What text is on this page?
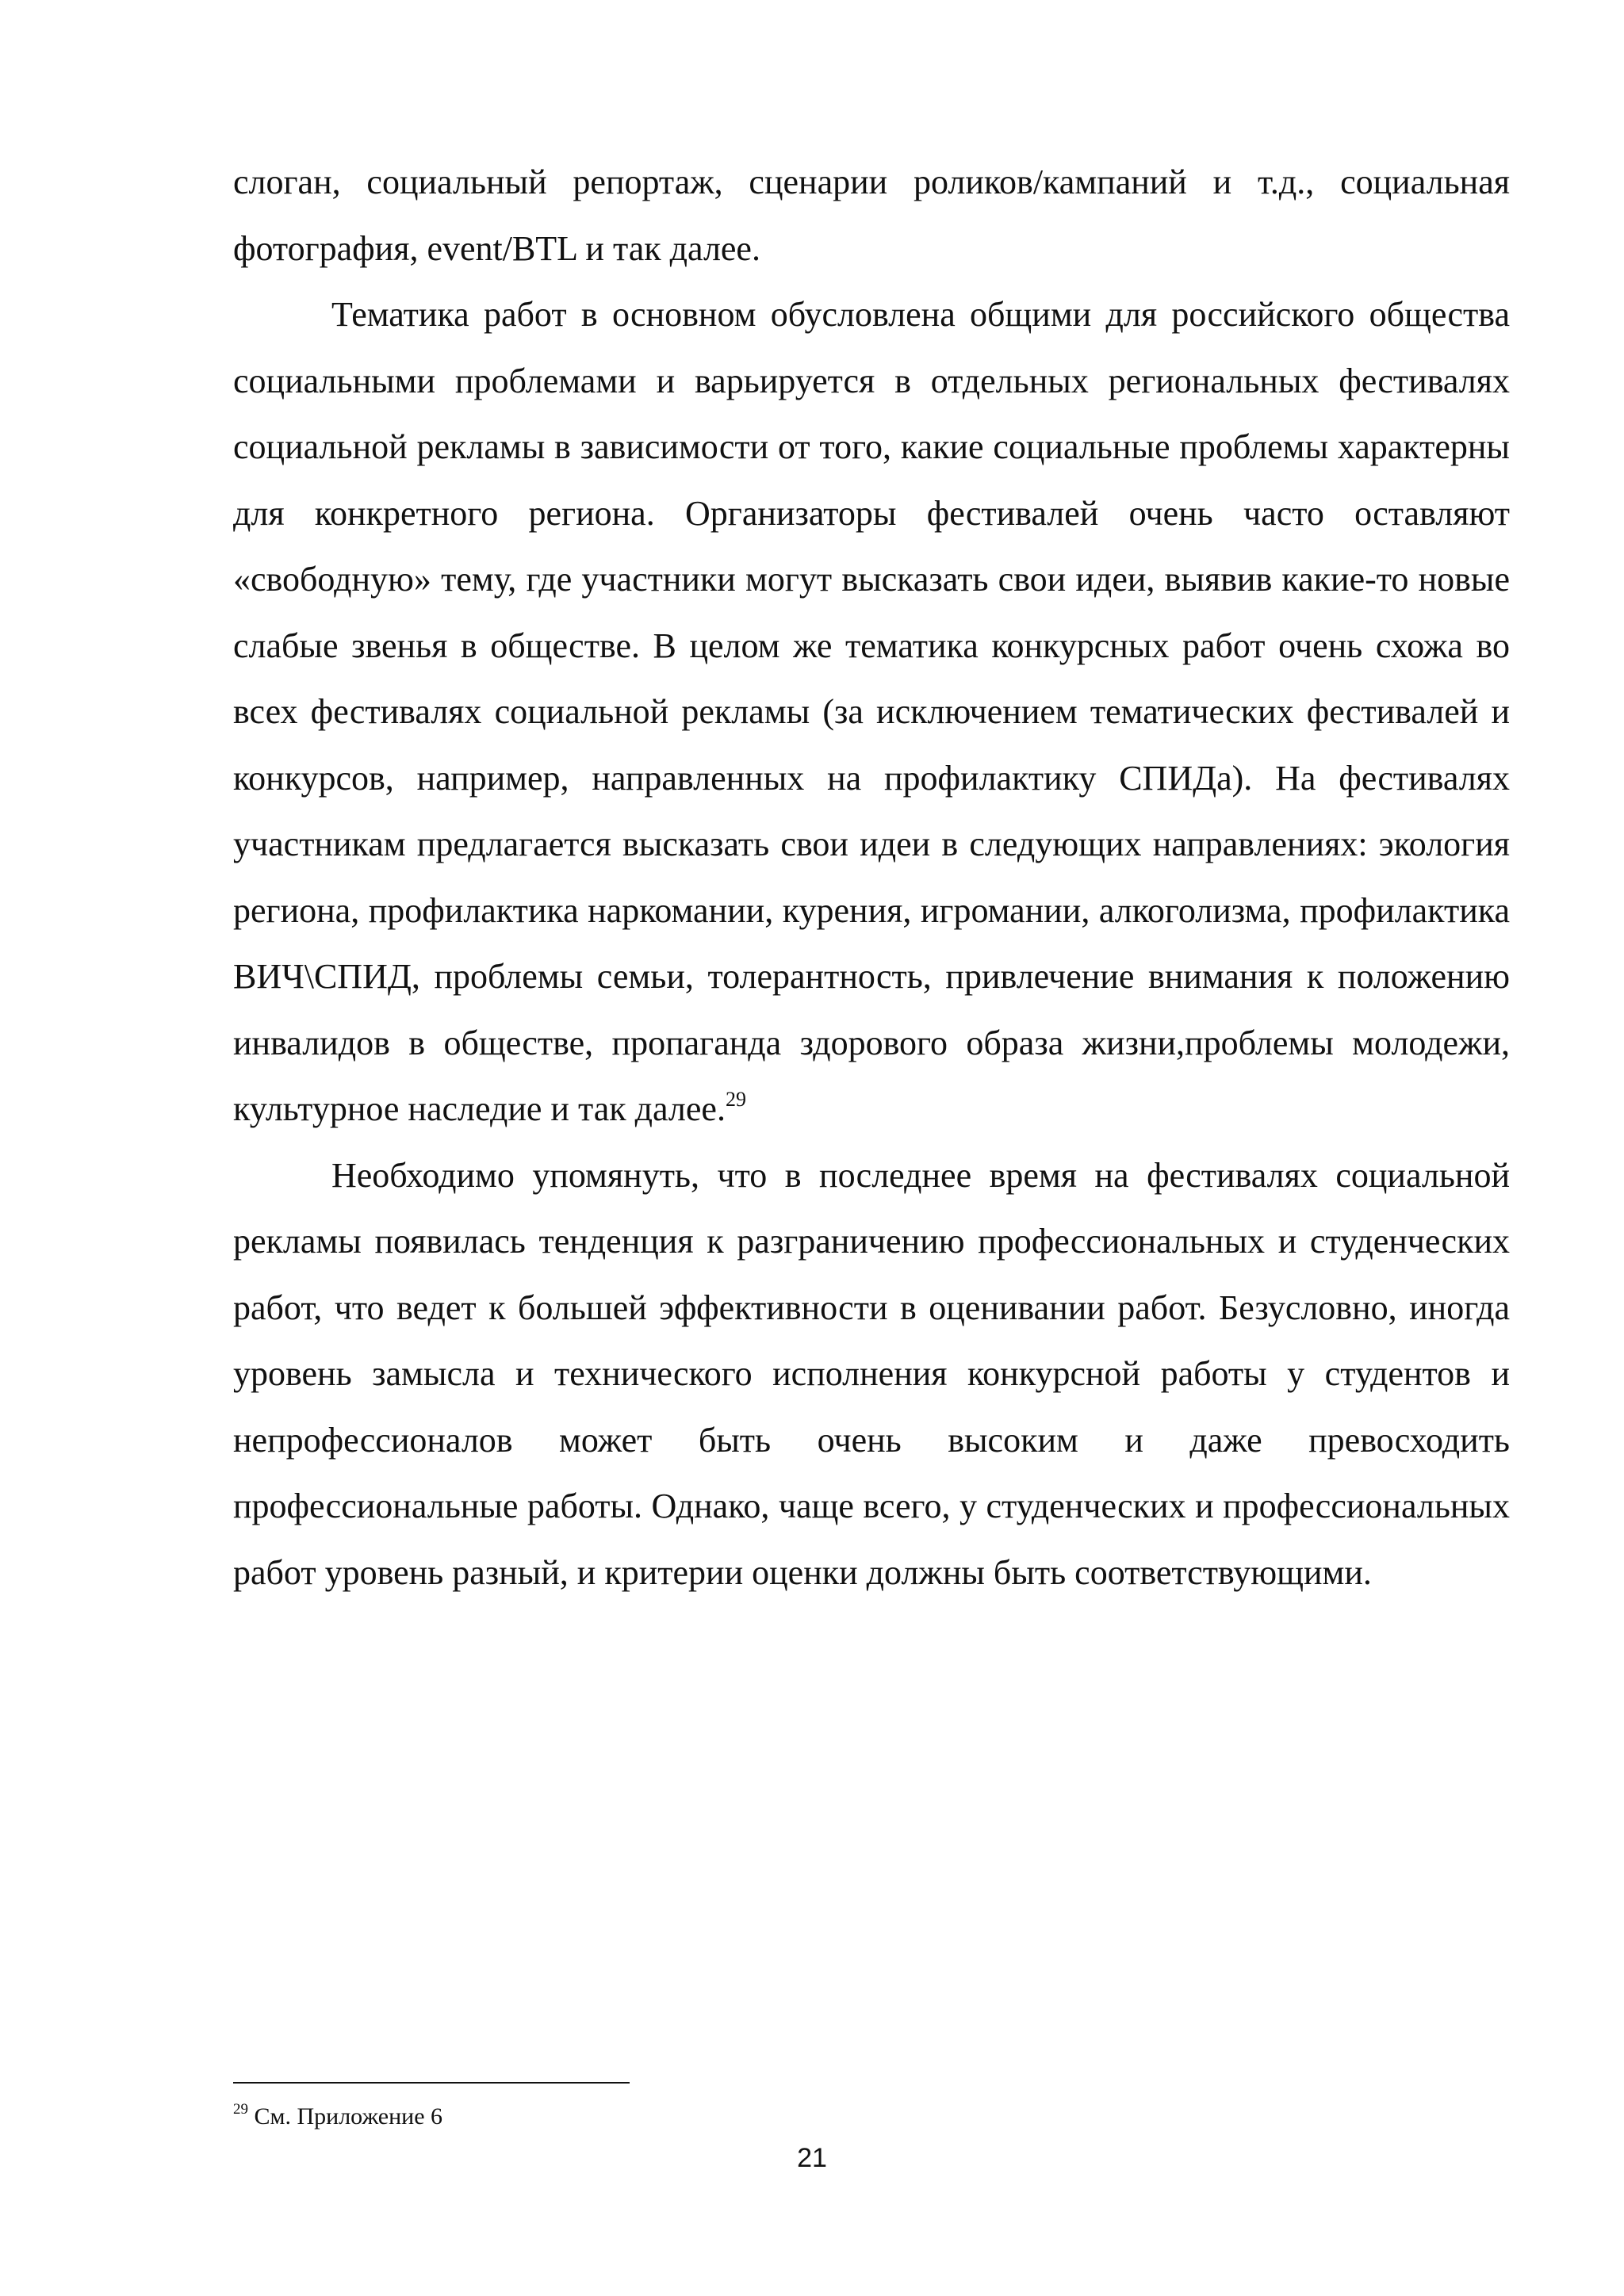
слоган, социальный репортаж, сценарии роликов/кампаний и т.д., социальная фотография, event/BTL и так далее.

Тематика работ в основном обусловлена общими для российского общества социальными проблемами и варьируется в отдельных региональных фестивалях социальной рекламы в зависимости от того, какие социальные проблемы характерны для конкретного региона. Организаторы фестивалей очень часто оставляют «свободную» тему, где участники могут высказать свои идеи, выявив какие-то новые слабые звенья в обществе. В целом же тематика конкурсных работ очень схожа во всех фестивалях социальной рекламы (за исключением тематических фестивалей и конкурсов, например, направленных на профилактику СПИДа). На фестивалях участникам предлагается высказать свои идеи в следующих направлениях: экология региона, профилактика наркомании, курения, игромании, алкоголизма, профилактика ВИЧ\СПИД, проблемы семьи, толерантность, привлечение внимания к положению инвалидов в обществе, пропаганда здорового образа жизни,проблемы молодежи, культурное наследие и так далее.$^{29}$

Необходимо упомянуть, что в последнее время на фестивалях социальной рекламы появилась тенденция к разграничению профессиональных и студенческих работ, что ведет к большей эффективности в оценивании работ. Безусловно, иногда уровень замысла и технического исполнения конкурсной работы у студентов и непрофессионалов может быть очень высоким и даже превосходить профессиональные работы. Однако, чаще всего, у студенческих и профессиональных работ уровень разный, и критерии оценки должны быть соответствующими.

$^{29}$ См. Приложение 6
21
